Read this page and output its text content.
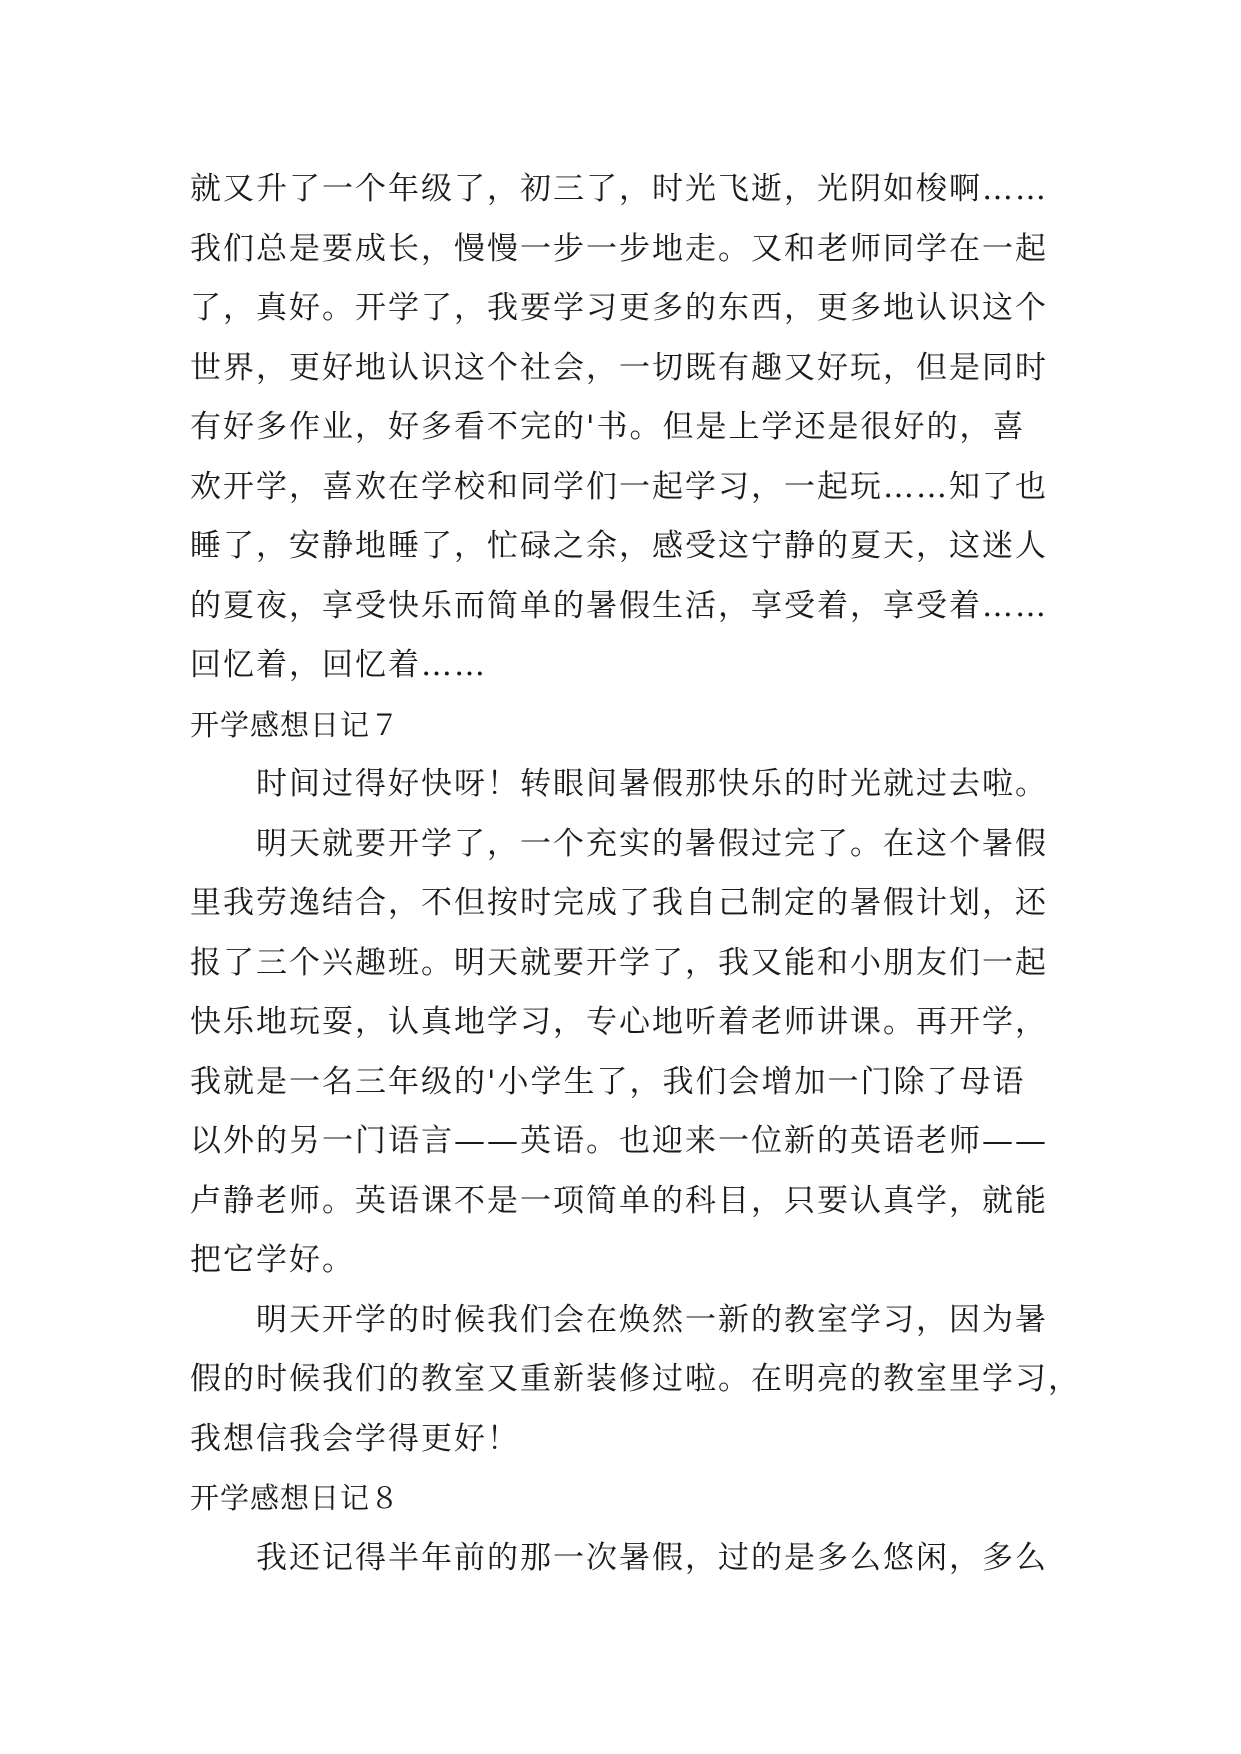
就又升了一个年级了，初三了，时光飞逝，光阴如梭啊……
我们总是要成长，慢慢一步一步地走。又和老师同学在一起
了，真好。开学了，我要学习更多的东西，更多地认识这个
世界，更好地认识这个社会，一切既有趣又好玩，但是同时
有好多作业，好多看不完的'书。但是上学还是很好的，喜
欢开学，喜欢在学校和同学们一起学习，一起玩……知了也
睡了，安静地睡了，忙碌之余，感受这宁静的夏天，这迷人
的夏夜，享受快乐而简单的暑假生活，享受着，享受着……
回忆着，回忆着……
开学感想日记７
时间过得好快呀！转眼间暑假那快乐的时光就过去啦。
明天就要开学了，一个充实的暑假过完了。在这个暑假
里我劳逸结合，不但按时完成了我自己制定的暑假计划，还
报了三个兴趣班。明天就要开学了，我又能和小朋友们一起
快乐地玩耍，认真地学习，专心地听着老师讲课。再开学，
我就是一名三年级的'小学生了，我们会增加一门除了母语
以外的另一门语言——英语。也迎来一位新的英语老师——
卢静老师。英语课不是一项简单的科目，只要认真学，就能
把它学好。
明天开学的时候我们会在焕然一新的教室学习，因为暑
假的时候我们的教室又重新装修过啦。在明亮的教室里学习，
我想信我会学得更好！
开学感想日记８
我还记得半年前的那一次暑假，过的是多么悠闲，多么
